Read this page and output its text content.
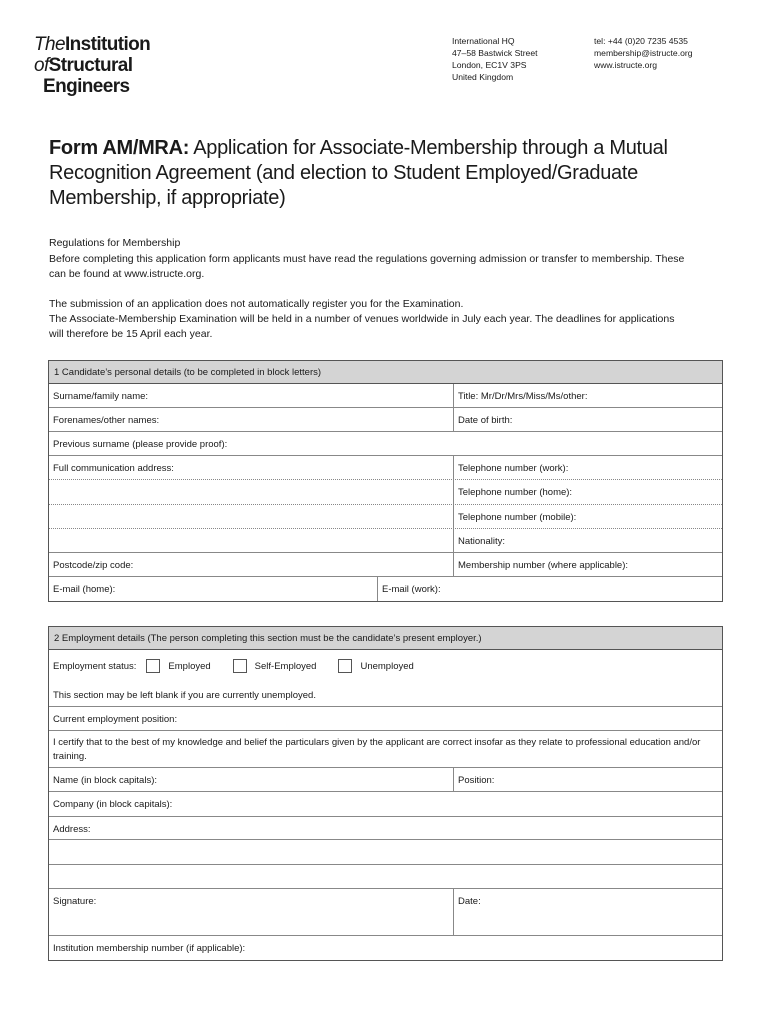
TheInstitution
ofStructural
Engineers
International HQ
47–58 Bastwick Street
London, EC1V 3PS
United Kingdom
tel: +44 (0)20 7235 4535
membership@istructe.org
www.istructe.org
Form AM/MRA: Application for Associate-Membership through a Mutual Recognition Agreement (and election to Student Employed/Graduate Membership, if appropriate)
Regulations for Membership
Before completing this application form applicants must have read the regulations governing admission or transfer to membership. These can be found at www.istructe.org.
The submission of an application does not automatically register you for the Examination.
The Associate-Membership Examination will be held in a number of venues worldwide in July each year. The deadlines for applications will therefore be 15 April each year.
1 Candidate’s personal details (to be completed in block letters)
Surname/family name:	Title: Mr/Dr/Mrs/Miss/Ms/other:
Forenames/other names:	Date of birth:
Previous surname (please provide proof):
Full communication address:	Telephone number (work):
Telephone number (home):
Telephone number (mobile):
Nationality:
Postcode/zip code:	Membership number (where applicable):
E-mail (home):	E-mail (work):
2 Employment details (The person completing this section must be the candidate’s present employer.)
Employment status:	Employed	Self-Employed	Unemployed
This section may be left blank if you are currently unemployed.
Current employment position:
I certify that to the best of my knowledge and belief the particulars given by the applicant are correct insofar as they relate to professional education and/or training.
Name (in block capitals):	Position:
Company (in block capitals):
Address:
Signature:	Date:
Institution membership number (if applicable):
